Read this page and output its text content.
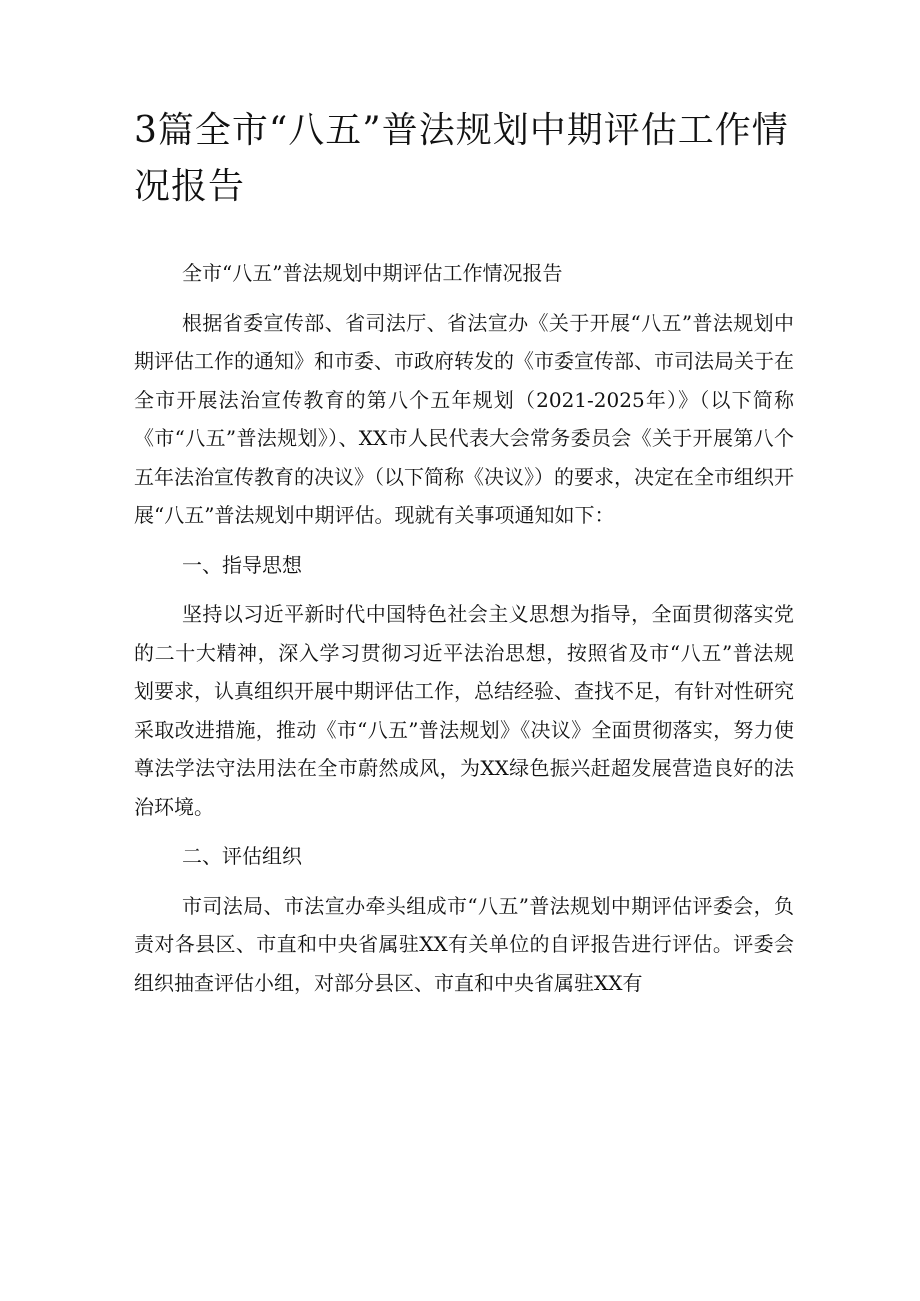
3篇全市“八五”普法规划中期评估工作情况报告

全市“八五”普法规划中期评估工作情况报告

根据省委宣传部、省司法厅、省法宣办《关于开展“八五”普法规划中期评估工作的通知》和市委、市政府转发的《市委宣传部、市司法局关于在全市开展法治宣传教育的第八个五年规划（2021-2025年）》（以下简称《市“八五”普法规划》）、XX市人民代表大会常务委员会《关于开展第八个五年法治宣传教育的决议》（以下简称《决议》）的要求，决定在全市组织开展“八五”普法规划中期评估。现就有关事项通知如下：

一、指导思想

坚持以习近平新时代中国特色社会主义思想为指导，全面贯彻落实党的二十大精神，深入学习贯彻习近平法治思想，按照省及市“八五”普法规划要求，认真组织开展中期评估工作，总结经验、查找不足，有针对性研究采取改进措施，推动《市“八五”普法规划》《决议》全面贯彻落实，努力使尊法学法守法用法在全市蔚然成风，为XX绿色振兴赶超发展营造良好的法治环境。

二、评估组织

市司法局、市法宣办牵头组成市“八五”普法规划中期评估评委会，负责对各县区、市直和中央省属驻XX有关单位的自评报告进行评估。评委会组织抽查评估小组，对部分县区、市直和中央省属驻XX有
